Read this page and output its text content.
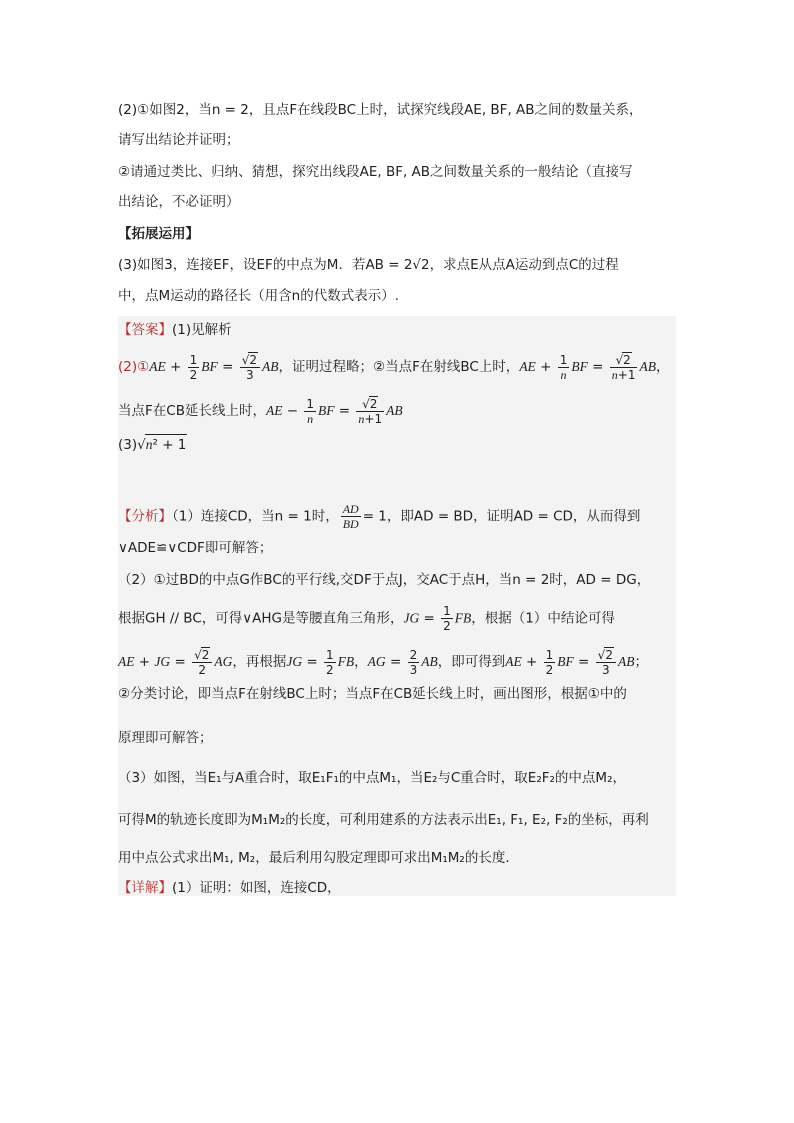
(2)①如图2，当n = 2，且点F在线段BC上时，试探究线段AE, BF, AB之间的数量关系，
请写出结论并证明；
②请通过类比、归纳、猜想，探究出线段AE, BF, AB之间数量关系的一般结论（直接写
出结论，不必证明）
【拓展运用】
(3)如图3，连接EF，设EF的中点为M．若AB = 2√2，求点E从点A运动到点C的过程
中，点M运动的路径长（用含n的代数式表示）.
【答案】(1)见解析
(2)①AE + $\frac{1}{2}$ BF = $\frac{√2}{3}$ AB，证明过程略；②当点F在射线BC上时，AE + $\frac{1}{n}$ BF = $\frac{√2}{n+1}$ AB，
当点F在CB延长线上时，AE − $\frac{1}{n}$ BF = $\frac{√2}{n+1}$ AB
(3)√n² + 1
【分析】（1）连接CD，当n = 1时， $\frac{AD}{BD} = 1$，即AD = BD，证明AD = CD，从而得到
∨ADE≌∨CDF即可解答；
（2）①过BD的中点G作BC的平行线,交DF于点J，交AC于点H，当n = 2时，AD = DG，
根据GH // BC，可得∨AHG是等腰直角三角形，JG = $\frac{1}{2}$ FB，根据（1）中结论可得
AE + JG = $\frac{√2}{2}$ AG，再根据JG = $\frac{1}{2}$ FB，AG = $\frac{2}{3}$ AB，即可得到AE + $\frac{1}{2}$ BF = $\frac{√2}{3}$ AB；
②分类讨论，即当点F在射线BC上时；当点F在CB延长线上时，画出图形，根据①中的
原理即可解答；
（3）如图，当E₁与A重合时，取E₁F₁的中点M₁，当E₂与C重合时，取E₂F₂的中点M₂，
可得M的轨迹长度即为M₁M₂的长度，可利用建系的方法表示出E₁, F₁, E₂, F₂的坐标，再利
用中点公式求出M₁, M₂，最后利用勾股定理即可求出M₁M₂的长度.
【详解】(1）证明：如图，连接CD，
